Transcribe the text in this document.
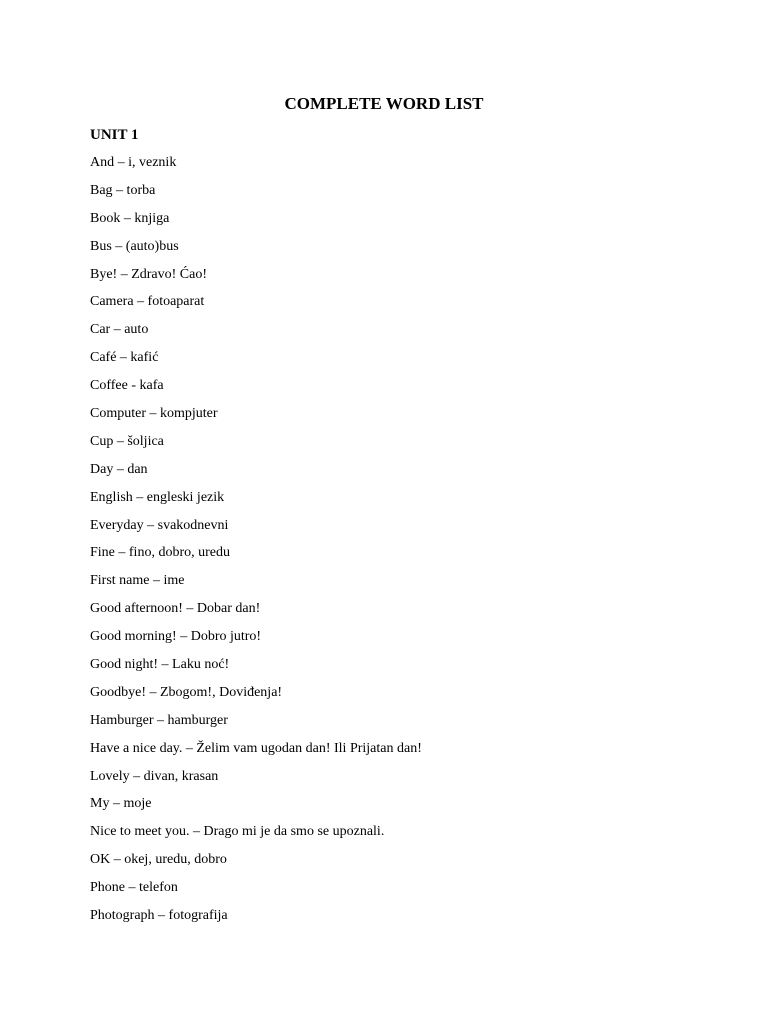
COMPLETE WORD LIST
UNIT 1
And – i, veznik
Bag – torba
Book – knjiga
Bus – (auto)bus
Bye! – Zdravo! Ćao!
Camera – fotoaparat
Car – auto
Café – kafić
Coffee - kafa
Computer – kompjuter
Cup – šoljica
Day – dan
English – engleski jezik
Everyday – svakodnevni
Fine – fino, dobro, uredu
First name – ime
Good afternoon! – Dobar dan!
Good morning! – Dobro jutro!
Good night! – Laku noć!
Goodbye! – Zbogom!, Doviđenja!
Hamburger – hamburger
Have a nice day. – Želim vam ugodan dan! Ili Prijatan dan!
Lovely – divan, krasan
My – moje
Nice to meet you. – Drago mi je da smo se upoznali.
OK – okej, uredu, dobro
Phone – telefon
Photograph – fotografija
